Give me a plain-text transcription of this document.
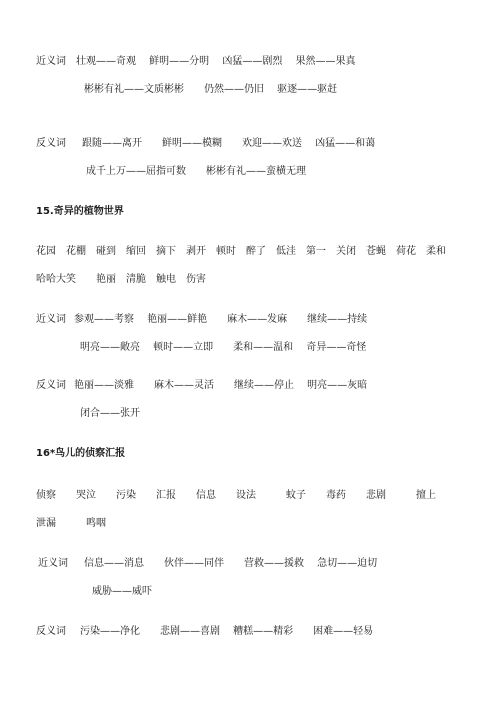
近义词 壮观——奇观　 鲜明——分明　 凶猛——剧烈　 果然——果真
彬彬有礼——文质彬彬　　仍然——仍旧　 驱逐——驱赶
反义词 跟随——离开　　鲜明——模糊　　欢迎——欢送　 凶猛——和蔼
成千上万——屈指可数　　彬彬有礼——蛮横无理
15.奇异的植物世界
花园　花棚　碰到　缩回　摘下　剥开　顿时　醉了　低洼　第一　关闭　苍蝇　荷花　柔和
哈哈大笑　　艳丽　清脆　触电　伤害
近义词 参观——考察　 艳丽——鲜艳　　麻木——发麻　　继续——持续
明亮——敞亮　 顿时——立即　　柔和——温和　 奇异——奇怪
反义词 艳丽——淡雅　　麻木——灵活　　继续——停止　 明亮——灰暗
闭合——张开
16*鸟儿的侦察汇报
侦察　　哭泣　　污染　　汇报　　信息　　设法　　　蚊子　　毒药　　悲剧　　　擅上
泄漏　　　鸣咽
近义词 信息——消息　　伙伴——同伴　　营救——援救　 急切——迫切
威胁——威吓
反义词 污染——净化　　悲剧——喜剧　 糟糕——精彩　　困难——轻易
